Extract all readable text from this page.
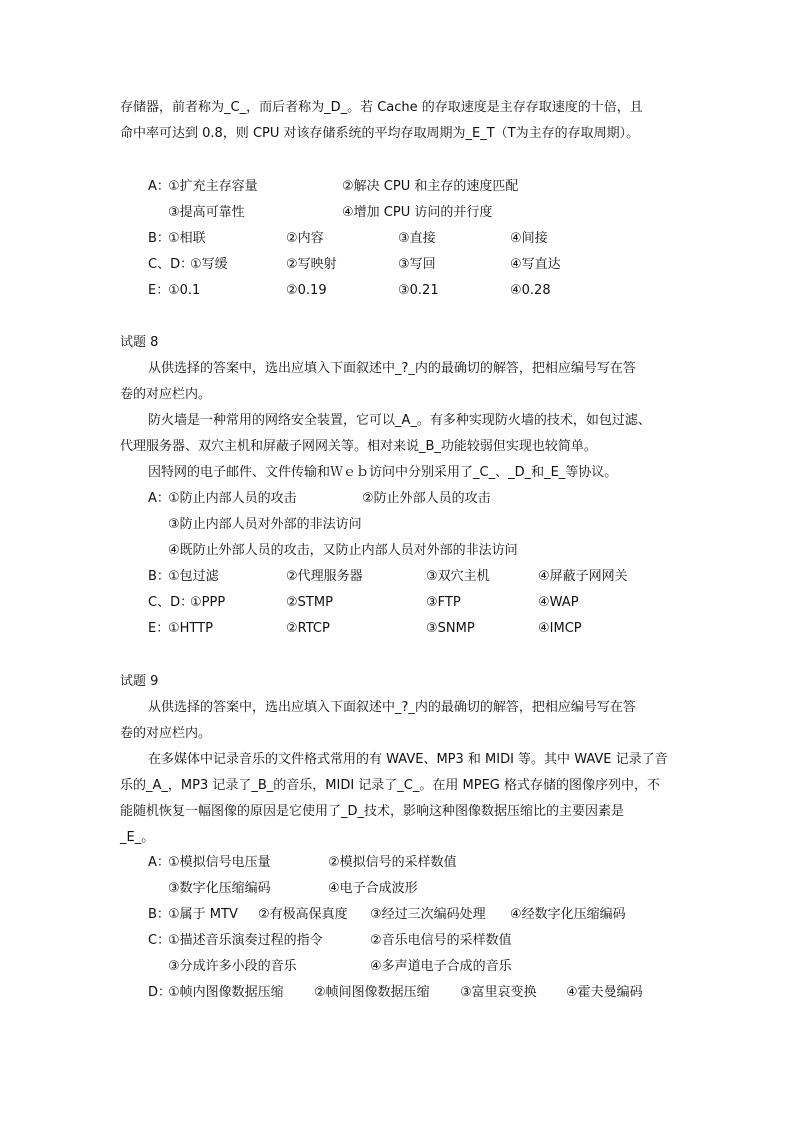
存储器，前者称为_C_，而后者称为_D_。若 Cache 的存取速度是主存存取速度的十倍，且
命中率可达到 0.8，则 CPU 对该存储系统的平均存取周期为_E_T（T为主存的存取周期）。
A：
①扩充主存容量	②解决 CPU 和主存的速度匹配
③提高可靠性	④增加 CPU 访问的并行度
B：
①相联	②内容	③直接	④间接
C、D：
①写缓	②写映射	③写回	④写直达
E：
①0.1	②0.19	③0.21	④0.28
试题 8
从供选择的答案中，选出应填入下面叙述中_?_内的最确切的解答，把相应编号写在答
卷的对应栏内。
防火墙是一种常用的网络安全装置，它可以_A_。有多种实现防火墙的技术，如包过滤、
代理服务器、双穴主机和屏蔽子网网关等。相对来说_B_功能较弱但实现也较简单。
因特网的电子邮件、文件传输和Ｗｅｂ访问中分别采用了_C_、_D_和_E_等协议。
A：
①防止内部人员的攻击	②防止外部人员的攻击
③防止内部人员对外部的非法访问
④既防止外部人员的攻击，又防止内部人员对外部的非法访问
B：
①包过滤	②代理服务器	③双穴主机	④屏蔽子网网关
C、D：
①PPP	②STMP	③FTP	④WAP
E：
①HTTP	②RTCP	③SNMP	④IMCP
试题 9
从供选择的答案中，选出应填入下面叙述中_?_内的最确切的解答，把相应编号写在答
卷的对应栏内。
在多媒体中记录音乐的文件格式常用的有 WAVE、MP3 和 MIDI 等。其中 WAVE 记录了音
乐的_A_，MP3 记录了_B_的音乐，MIDI 记录了_C_。在用 MPEG 格式存储的图像序列中，不
能随机恢复一幅图像的原因是它使用了_D_技术，影响这种图像数据压缩比的主要因素是
_E_。
A：
①模拟信号电压量	②模拟信号的采样数值
③数字化压缩编码	④电子合成波形
B：
①属于 MTV ②有极高保真度 ③经过三次编码处理 ④经数字化压缩编码
C：
①描述音乐演奏过程的指令	②音乐电信号的采样数值
③分成许多小段的音乐	④多声道电子合成的音乐
D：
①帧内图像数据压缩 ②帧间图像数据压缩 ③富里哀变换 ④霍夫曼编码
